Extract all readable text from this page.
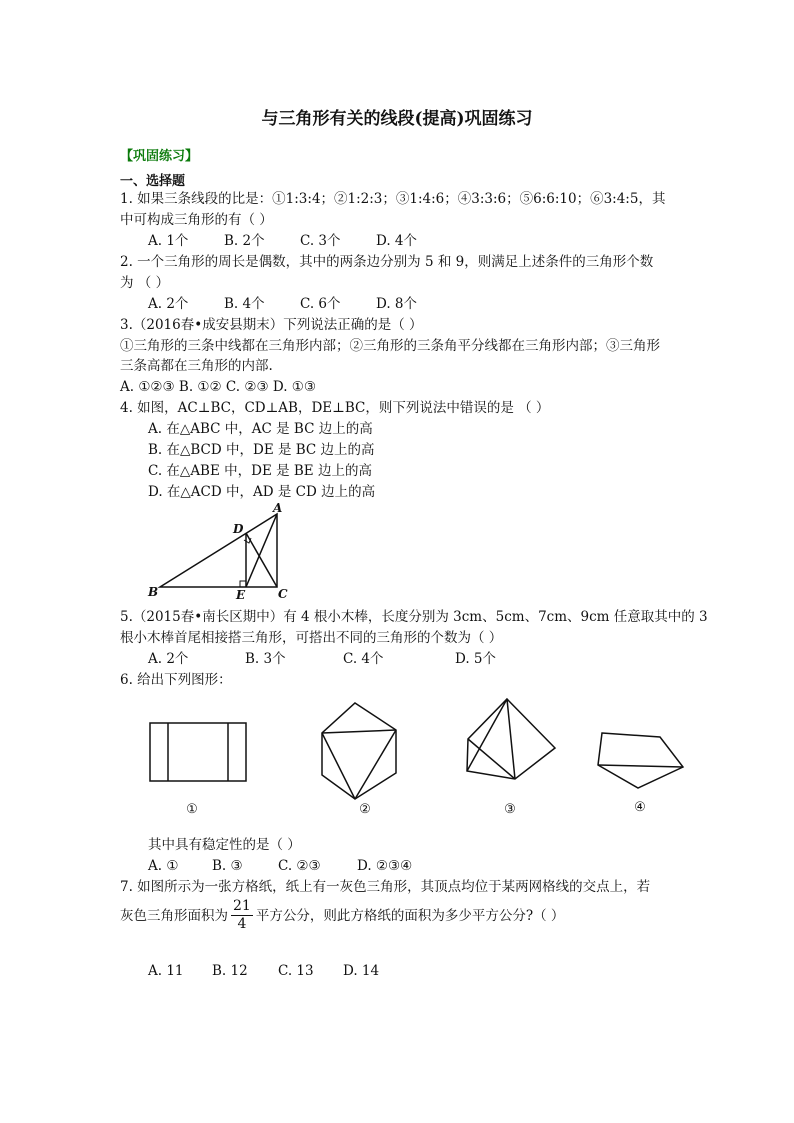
与三角形有关的线段(提高)巩固练习
【巩固练习】
一、选择题
1. 如果三条线段的比是：①1:3:4；②1:2:3；③1:4:6；④3:3:6；⑤6:6:10；⑥3:4:5，其
中可构成三角形的有（ ）
A. 1个	B. 2个	C. 3个	D. 4个
2. 一个三角形的周长是偶数，其中的两条边分别为 5 和 9，则满足上述条件的三角形个数
为 （ ）
A. 2个	B. 4个	C. 6个	D. 8个
3.（2016春•成安县期末）下列说法正确的是（ ）
①三角形的三条中线都在三角形内部；②三角形的三条角平分线都在三角形内部；③三角形
三条高都在三角形的内部.
A. ①②③ B. ①② C. ②③ D. ①③
4. 如图，AC⊥BC，CD⊥AB，DE⊥BC，则下列说法中错误的是 （ ）
A. 在△ABC 中，AC 是 BC 边上的高
B. 在△BCD 中，DE 是 BC 边上的高
C. 在△ABE 中，DE 是 BE 边上的高
D. 在△ACD 中，AD 是 CD 边上的高
A
B	C
D
E
5.（2015春•南长区期中）有 4 根小木棒，长度分别为 3cm、5cm、7cm、9cm 任意取其中的 3
根小木棒首尾相接搭三角形，可搭出不同的三角形的个数为（ ）
A. 2个	B. 3个	C. 4个	D. 5个
6. 给出下列图形：
①	②	③	④
其中具有稳定性的是（ ）
A. ① B. ③	C. ②③	D. ②③④
7. 如图所示为一张方格纸，纸上有一灰色三角形，其顶点均位于某两网格线的交点上，若
灰色三角形面积为 $\frac{21}{4}$ 平方公分，则此方格纸的面积为多少平方公分?（ ）
A. 11 B. 12 C. 13 D. 14
